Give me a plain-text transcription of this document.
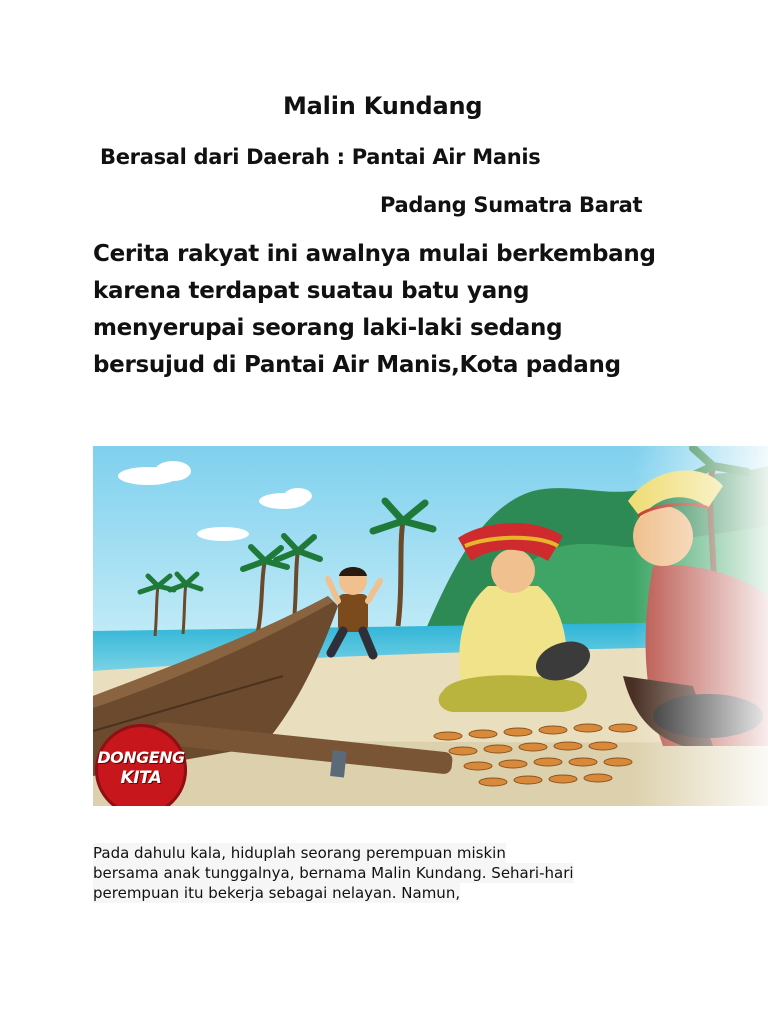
Malin Kundang
Berasal dari Daerah : Pantai Air Manis
Padang Sumatra Barat

Cerita rakyat ini awalnya mulai berkembang
karena terdapat suatau batu yang
menyerupai seorang laki-laki sedang
bersujud di Pantai Air Manis,Kota padang

DONGENG
KITA

Pada dahulu kala, hiduplah seorang perempuan miskin
bersama anak tunggalnya, bernama Malin Kundang. Sehari-hari
perempuan itu bekerja sebagai nelayan. Namun,
